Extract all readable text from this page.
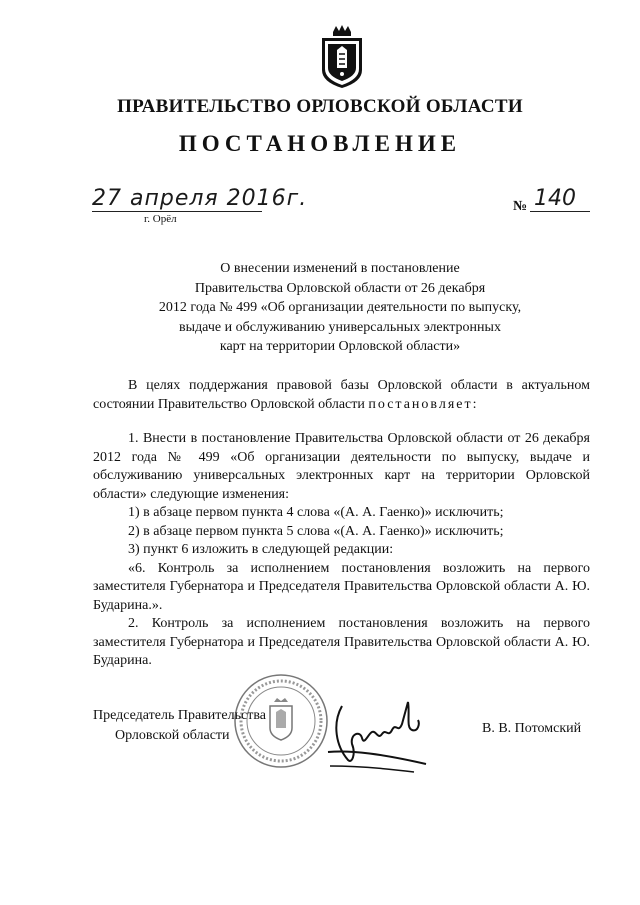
ПРАВИТЕЛЬСТВО ОРЛОВСКОЙ ОБЛАСТИ
ПОСТАНОВЛЕНИЕ
27 апреля 2016г.
г. Орёл
№ 140
О внесении изменений в постановление
Правительства Орловской области от 26 декабря
2012 года № 499 «Об организации деятельности по выпуску,
выдаче и обслуживанию универсальных электронных
карт на территории Орловской области»

В целях поддержания правовой базы Орловской области в актуальном состоянии Правительство Орловской области постановляет:

1. Внести в постановление Правительства Орловской области от 26 декабря 2012 года № 499 «Об организации деятельности по выпуску, выдаче и обслуживанию универсальных электронных карт на территории Орловской области» следующие изменения:

1) в абзаце первом пункта 4 слова «(А. А. Гаенко)» исключить;

2) в абзаце первом пункта 5 слова «(А. А. Гаенко)» исключить;

3) пункт 6 изложить в следующей редакции:

«6. Контроль за исполнением постановления возложить на первого заместителя Губернатора и Председателя Правительства Орловской области А. Ю. Бударина.».

2. Контроль за исполнением постановления возложить на первого заместителя Губернатора и Председателя Правительства Орловской области А. Ю. Бударина.

Председатель Правительства
Орловской области	В. В. Потомский
